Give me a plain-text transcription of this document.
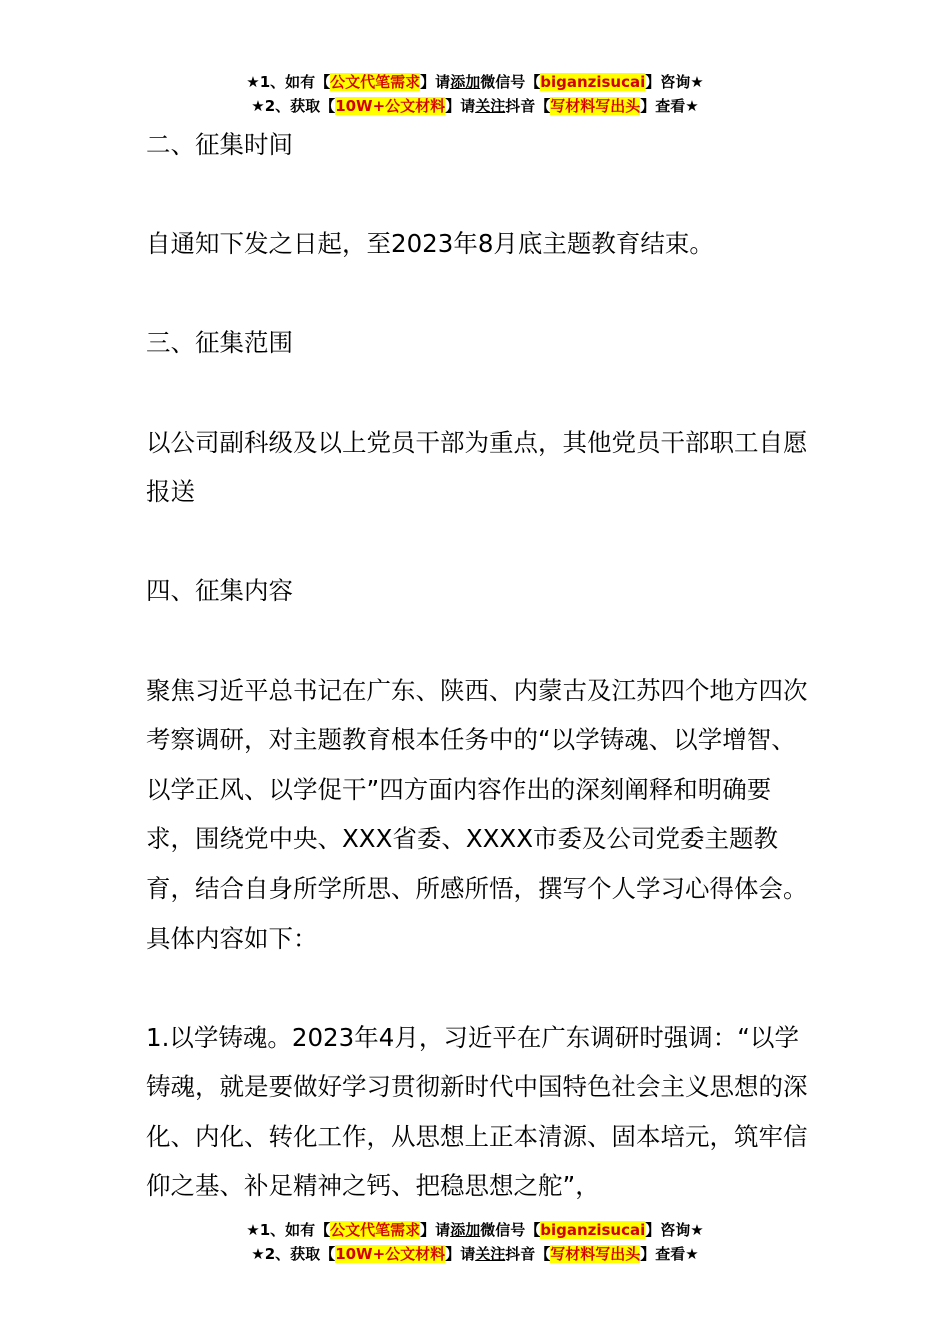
★1、如有【公文代笔需求】请添加微信号【biganzisucai】咨询★
★2、获取【10W+公文材料】请关注抖音【写材料写出头】查看★

二、征集时间

自通知下发之日起，至2023年8月底主题教育结束。

三、征集范围

以公司副科级及以上党员干部为重点，其他党员干部职工自愿报送

四、征集内容

聚焦习近平总书记在广东、陕西、内蒙古及江苏四个地方四次考察调研，对主题教育根本任务中的“以学铸魂、以学增智、以学正风、以学促干”四方面内容作出的深刻阐释和明确要求，围绕党中央、XXX省委、XXXX市委及公司党委主题教育，结合自身所学所思、所感所悟，撰写个人学习心得体会。具体内容如下：

1.以学铸魂。2023年4月，习近平在广东调研时强调：“以学铸魂，就是要做好学习贯彻新时代中国特色社会主义思想的深化、内化、转化工作，从思想上正本清源、固本培元，筑牢信仰之基、补足精神之钙、把稳思想之舵”，

★1、如有【公文代笔需求】请添加微信号【biganzisucai】咨询★
★2、获取【10W+公文材料】请关注抖音【写材料写出头】查看★
